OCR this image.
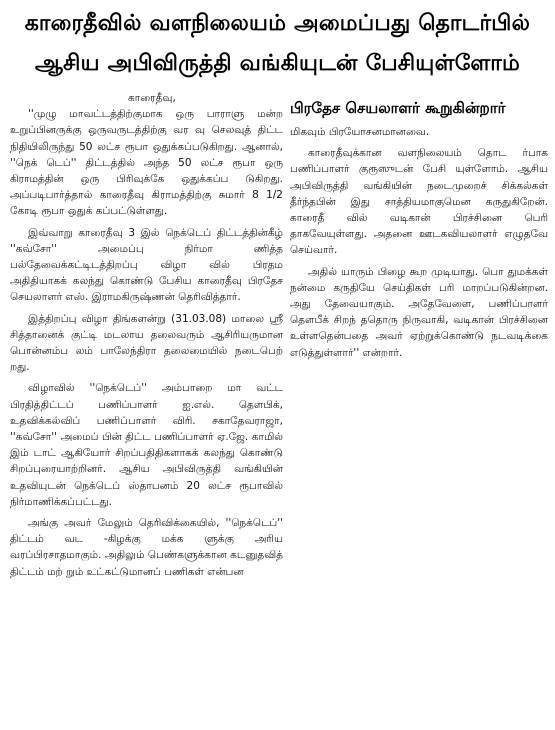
காரைதீவில் வளநிலையம் அமைப்பது தொடர்பில்
ஆசிய அபிவிருத்தி வங்கியுடன் பேசியுள்ளோம்

காரைதீவு,

''முழு மாவட்டத்திற்குமாக ஒரு பாராளு மன்ற உறுப்பினருக்கு ஒருவருடத்திற்கு வர வு செலவுத் திட்ட நிதியிலிருந்து 50 லட்ச ரூபா ஒதுக்கப்படுகிறது. ஆனால், ''நெக் டெப்'' திட்டத்தில் அந்த 50 லட்ச ரூபா ஒரு கிராமத்தின் ஒரு பிரிவுக்கே ஒதுக்கப்ப டுகிறது. அப்படிபார்த்தால் காரைதீவு கிராமத்திற்கு சுமார் 8 1/2 கோடி ரூபா ஒதுக் கப்பட்டுள்ளது.

இவ்வாறு காரைதீவு 3 இல் நெக்டெப் திட்டத்தின்கீழ் ''கவ்சோ'' அமைப்பு நிர்மா ணித்த பல்தேவைக்கட்டிடத்திறப்பு விழா வில் பிரதம அதிதியாகக் கலந்து கொண்டு பேசிய காரைதீவு பிரதேச செயலாளர் எஸ். இராமகிருஷ்ணன் தெரிவித்தார்.

இத்திறப்பு விழா திங்களன்று (31.03.08) மாலை ஸ்ரீ சித்தானைக் குட்டி மடலாய தலைவரும் ஆசிரியருமான பொன்னம்ப லம் பாலேந்திரா தலைமையில் நடைபெற் றது.

விழாவில் ''நெக்டெப்'' அம்பாறை மா வட்ட பிரதித்திட்டப் பணிப்பாளர் ஐ.எல். தௌபிக், உதவிக்கல்விப் பணிப்பாளர் விரி. சகாதேவராஜா, ''கவ்சோ'' அமைப் பின் திட்ட பணிப்பாளர் ஏ.ஜே. காமில் இம் டாட் ஆகியோர் சிறப்பதிதிகளாகக் கலந்து கொண்டு சிறப்புரையாற்றினர். ஆசிய அபிவிருத்தி வங்கியின் உதவியுடன் நெக்டெப் ஸ்தாபனம் 20 லட்ச ரூபாவில் நிர்மாணிக்கப்பட்டது.

அங்கு அவர் மேலும் தெரிவிக்கையில், ''நெக்டெப்'' திட்டம் வட -கிழக்கு மக்க ளுக்கு அரிய வரப்பிரசாதமாகும். அதிலும் பெண்களுக்கான கடனுதவித் திட்டம் மற் றும் உட்கட்டுமானப் பணிகள் என்பன

பிரதேச செயலாளர் கூறுகின்றார்

மிகவும் பிரயோசனமானவை.

காரைதீவுக்கான வளநிலையம் தொட ர்பாக பணிப்பாளர் குரூஸுடன் பேசி யுள்ளோம். ஆசிய அபிவிருத்தி வங்கியின் நடைமுறைச் சிக்கல்கள் தீர்ந்தபின் இது சாத்தியமாகுமென கருதுகிறேன். காரைதீ வில் வடிகான் பிரச்சினை பெரி தாகவேயுள்ளது. அதனை ஊடகவியலாளர் எழுதவே செய்வார்.

அதில் யாரும் பிழை கூற முடியாது. பொ துமக்கள் நன்மை கருதியே செய்திகள் பரி மாறப்படுகின்றன. அது தேவையாகும். அதேவேளை, பணிப்பாளர் தௌபீக் சிறந் ததொரு நிருவாகி, வடிகான் பிரச்சினை உள்ளதென்பதை அவர் ஏற்றுக்கொண்டு நடவடிக்கை எடுத்துள்ளார்'' என்றார்.
